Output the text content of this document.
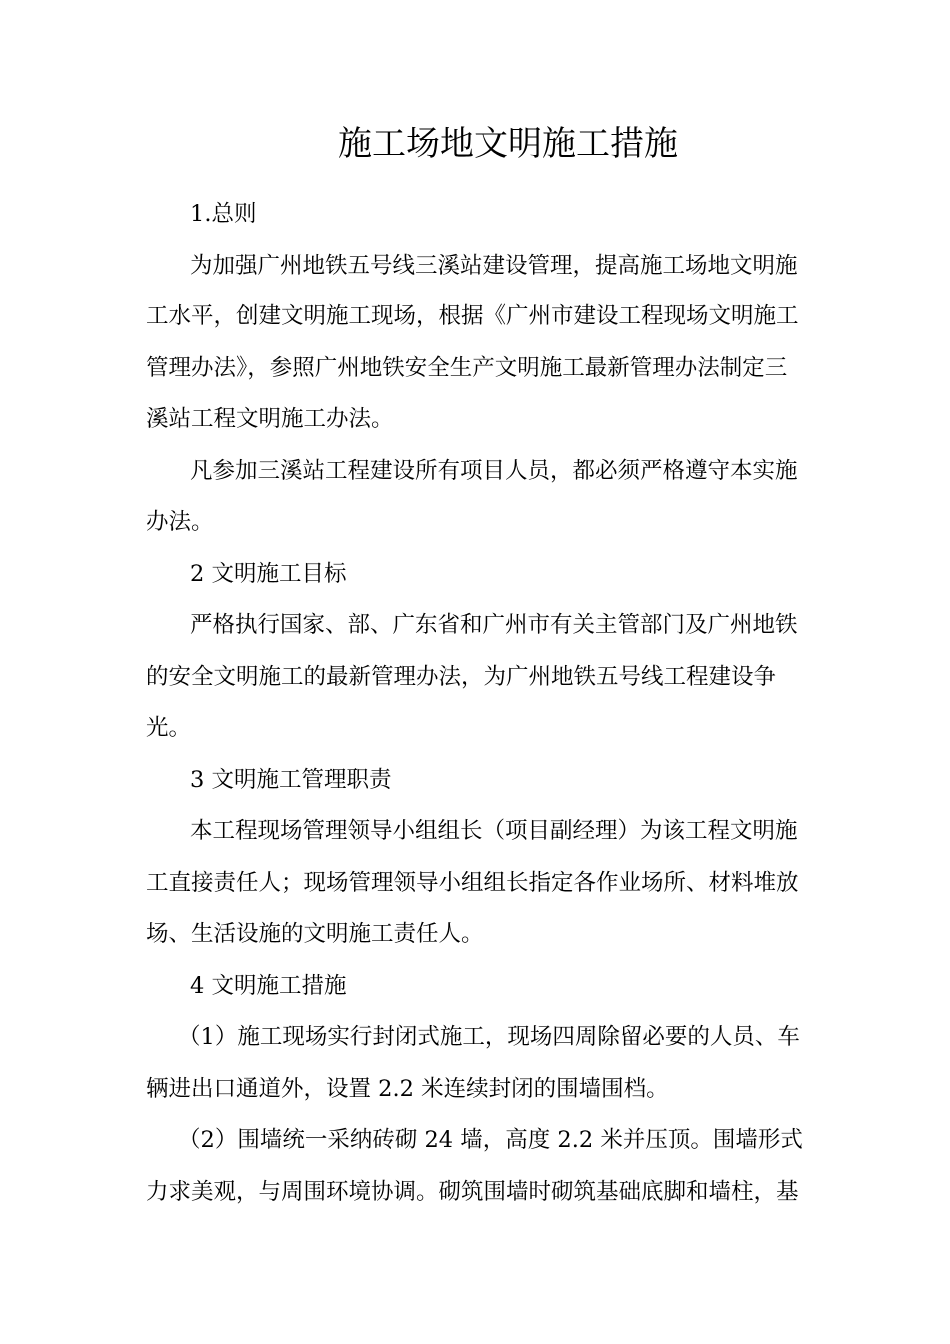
施工场地文明施工措施

1.总则

为加强广州地铁五号线三溪站建设管理，提高施工场地文明施

工水平，创建文明施工现场，根据《广州市建设工程现场文明施工

管理办法》，参照广州地铁安全生产文明施工最新管理办法制定三

溪站工程文明施工办法。

凡参加三溪站工程建设所有项目人员，都必须严格遵守本实施

办法。

2 文明施工目标

严格执行国家、部、广东省和广州市有关主管部门及广州地铁

的安全文明施工的最新管理办法，为广州地铁五号线工程建设争

光。

3 文明施工管理职责

本工程现场管理领导小组组长（项目副经理）为该工程文明施

工直接责任人；现场管理领导小组组长指定各作业场所、材料堆放

场、生活设施的文明施工责任人。

4 文明施工措施

（1）施工现场实行封闭式施工，现场四周除留必要的人员、车

辆进出口通道外，设置 2.2 米连续封闭的围墙围档。

（2）围墙统一采纳砖砌 24 墙，高度 2.2 米并压顶。围墙形式

力求美观，与周围环境协调。砌筑围墙时砌筑基础底脚和墙柱，基
